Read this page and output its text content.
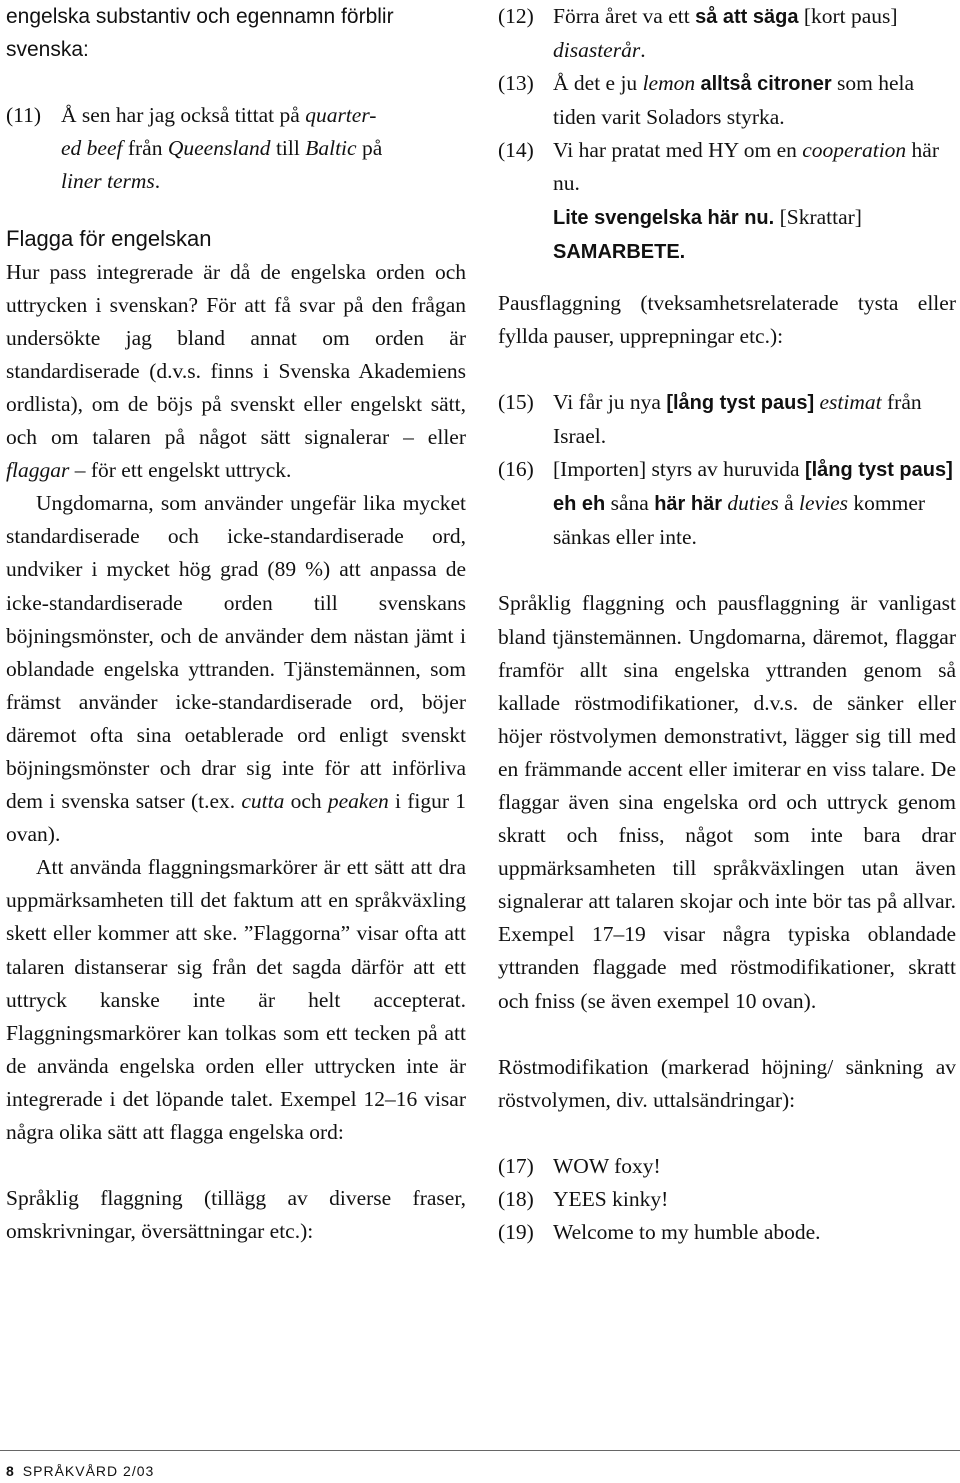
engelska substantiv och egennamn förblir
svenska:

(11) Å sen har jag också tittat på quarter-
ed beef från Queensland till Baltic på
liner terms.
Flagga för engelskan

Hur pass integrerade är då de engelska orden och uttrycken i svenskan? För att få svar på den frågan undersökte jag bland annat om orden är standardiserade (d.v.s. finns i Svenska Akademiens ordlista), om de böjs på svenskt eller engelskt sätt, och om talaren på något sätt signalerar – eller flaggar – för ett engelskt uttryck.

Ungdomarna, som använder ungefär lika mycket standardiserade och icke-standardiserade ord, undviker i mycket hög grad (89 %) att anpassa de icke-standardiserade orden till svenskans böjningsmönster, och de använder dem nästan jämt i oblandade engelska yttranden. Tjänstemännen, som främst använder icke-standardiserade ord, böjer däremot ofta sina oetablerade ord enligt svenskt böjningsmönster och drar sig inte för att införliva dem i svenska satser (t.ex. cutta och peaken i figur 1 ovan).

Att använda flaggningsmarkörer är ett sätt att dra uppmärksamheten till det faktum att en språkväxling skett eller kommer att ske. ”Flaggorna” visar ofta att talaren distanserar sig från det sagda därför att ett uttryck kanske inte är helt accepterat. Flaggningsmarkörer kan tolkas som ett tecken på att de använda engelska orden eller uttrycken inte är integrerade i det löpande talet. Exempel 12–16 visar några olika sätt att flagga engelska ord:

Språklig flaggning (tillägg av diverse fraser, omskrivningar, översättningar etc.):

(12) Förra året va ett så att säga [kort paus] disasterår.
(13) Å det e ju lemon alltså citroner som hela tiden varit Soladors styrka.
(14) Vi har pratat med HY om en cooperation här nu.
Lite svengelska här nu. [Skrattar]
SAMARBETE.

Pausflaggning (tveksamhetsrelaterade tysta eller fyllda pauser, upprepningar etc.):

(15) Vi får ju nya [lång tyst paus] estimat från Israel.
(16) [Importen] styrs av huruvida [lång tyst paus] eh eh såna här här duties å levies kommer sänkas eller inte.

Språklig flaggning och pausflaggning är vanligast bland tjänstemännen. Ungdomarna, däremot, flaggar framför allt sina engelska yttranden genom så kallade röstmodifikationer, d.v.s. de sänker eller höjer röstvolymen demonstrativt, lägger sig till med en främmande accent eller imiterar en viss talare. De flaggar även sina engelska ord och uttryck genom skratt och fniss, något som inte bara drar uppmärksamheten till språkväxlingen utan även signalerar att talaren skojar och inte bör tas på allvar. Exempel 17–19 visar några typiska oblandade yttranden flaggade med röstmodifikationer, skratt och fniss (se även exempel 10 ovan).

Röstmodifikation (markerad höjning/ sänkning av röstvolymen, div. uttalsändringar):

(17) WOW foxy!
(18) YEES kinky!
(19) Welcome to my humble abode.
8 SPRÅKVÅRD 2/03
